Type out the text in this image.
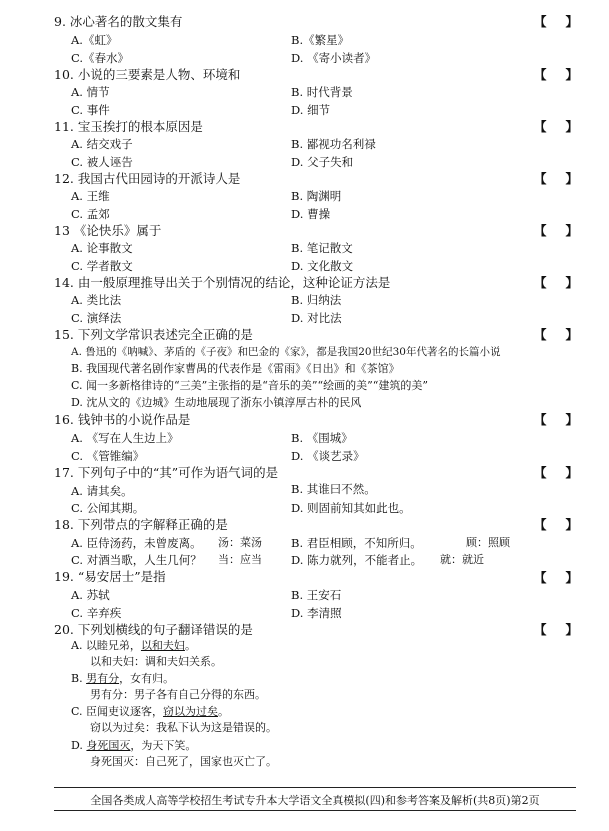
9. 冰心著名的散文集有	【 】
A.《虹》	B.《繁星》
C.《春水》	D. 《寄小读者》
10. 小说的三要素是人物、环境和	【 】
A. 情节	B. 时代背景
C. 事件	D. 细节
11. 宝玉挨打的根本原因是	【 】
A. 结交戏子	B. 鄙视功名利禄
C. 被人诬告	D. 父子失和
12. 我国古代田园诗的开派诗人是	【 】
A. 王维	B. 陶渊明
C. 孟郊	D. 曹操
13 《论快乐》属于	【 】
A. 论事散文	B. 笔记散文
C. 学者散文	D. 文化散文
14. 由一般原理推导出关于个别情况的结论，这种论证方法是	【 】
A. 类比法	B. 归纳法
C. 演绎法	D. 对比法
15. 下列文学常识表述完全正确的是	【 】
A. 鲁迅的《呐喊》、茅盾的《子夜》和巴金的《家》，都是我国20世纪30年代著名的长篇小说
B. 我国现代著名剧作家曹禺的代表作是《雷雨》《日出》和《茶馆》
C. 闻一多新格律诗的“三美”主张指的是“音乐的美”“绘画的美”“建筑的美”
D. 沈从文的《边城》生动地展现了浙东小镇淳厚古朴的民风
16. 钱钟书的小说作品是	【 】
A. 《写在人生边上》	B. 《围城》
C. 《管锥编》	D. 《谈艺录》
17. 下列句子中的“其”可作为语气词的是	【 】
A. 请其矣。	B. 其谁曰不然。
C. 公闻其期。	D. 则固前知其如此也。
18. 下列带点的字解释正确的是	【 】
A. 臣侍汤药，未曾废离。 汤：菜汤	B. 君臣相顾，不知所归。	顾：照顾
C. 对酒当歌，人生几何？ 当：应当	D. 陈力就列，不能者止。 就：就近
19. “易安居士”是指	【 】
A. 苏轼	B. 王安石
C. 辛弃疾	D. 李清照
20. 下列划横线的句子翻译错误的是	【 】
A. 以睦兄弟，以和夫妇。
以和夫妇：调和夫妇关系。
B. 男有分，女有归。
男有分：男子各有自己分得的东西。
C. 臣闻吏议逐客，窃以为过矣。
窃以为过矣：我私下认为这是错误的。
D. 身死国灭，为天下笑。
身死国灭：自己死了，国家也灭亡了。
全国各类成人高等学校招生考试专升本大学语文全真模拟(四)和参考答案及解析(共8页)第2页
